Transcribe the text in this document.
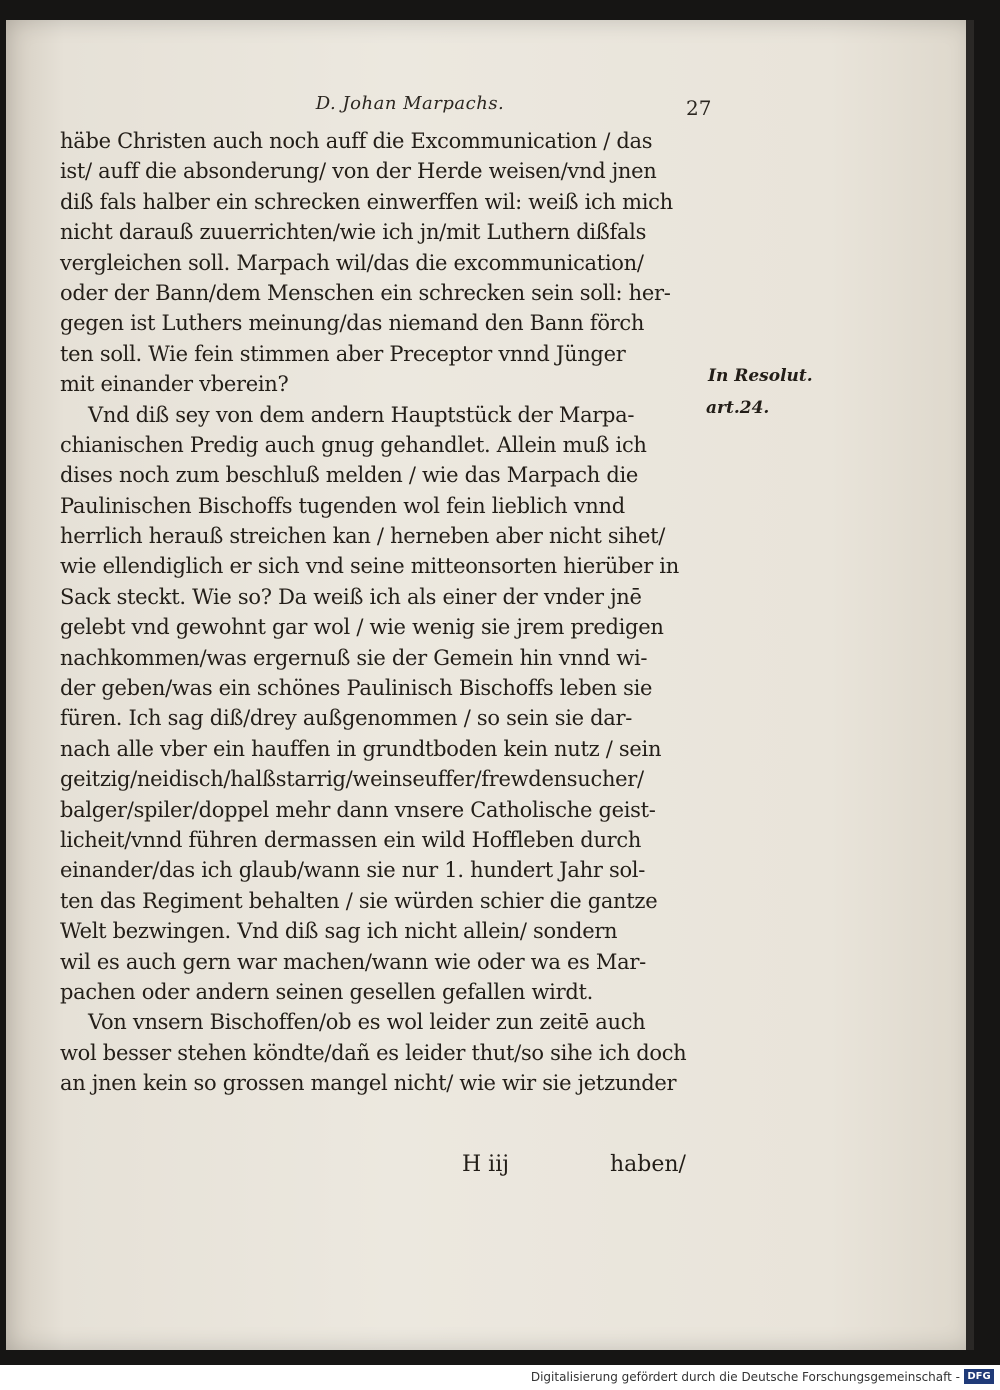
D. Johan Marpachs.	27
häbe Christen auch noch auff die Excommunication / das
ist/ auff die absonderung/ von der Herde weisen/vnd jnen
diß fals halber ein schrecken einwerffen wil: weiß ich mich
nicht darauß zuuerrichten/wie ich jn/mit Luthern dißfals
vergleichen soll. Marpach wil/das die excommunication/
oder der Bann/dem Menschen ein schrecken sein soll: her-
gegen ist Luthers meinung/das niemand den Bann förch
ten soll. Wie fein stimmen aber Preceptor vnnd Jünger
mit einander vberein?
Vnd diß sey von dem andern Hauptstück der Marpa-
chianischen Predig auch gnug gehandlet. Allein muß ich
dises noch zum beschluß melden / wie das Marpach die
Paulinischen Bischoffs tugenden wol fein lieblich vnnd
herrlich herauß streichen kan / herneben aber nicht sihet/
wie ellendiglich er sich vnd seine mitteonsorten hierüber in
Sack steckt. Wie so? Da weiß ich als einer der vnder jnē
gelebt vnd gewohnt gar wol / wie wenig sie jrem predigen
nachkommen/was ergernuß sie der Gemein hin vnnd wi-
der geben/was ein schönes Paulinisch Bischoffs leben sie
füren. Ich sag diß/drey außgenommen / so sein sie dar-
nach alle vber ein hauffen in grundtboden kein nutz / sein
geitzig/neidisch/halßstarrig/weinseuffer/frewdensucher/
balger/spiler/doppel mehr dann vnsere Catholische geist-
licheit/vnnd führen dermassen ein wild Hoffleben durch
einander/das ich glaub/wann sie nur 1. hundert Jahr sol-
ten das Regiment behalten / sie würden schier die gantze
Welt bezwingen. Vnd diß sag ich nicht allein/ sondern
wil es auch gern war machen/wann wie oder wa es Mar-
pachen oder andern seinen gesellen gefallen wirdt.
Von vnsern Bischoffen/ob es wol leider zun zeitē auch
wol besser stehen köndte/dañ es leider thut/so sihe ich doch
an jnen kein so grossen mangel nicht/ wie wir sie jetzunder
In Resolut.
art.24.
H iij	haben/
Digitalisierung gefördert durch die Deutsche Forschungsgemeinschaft - DFG
